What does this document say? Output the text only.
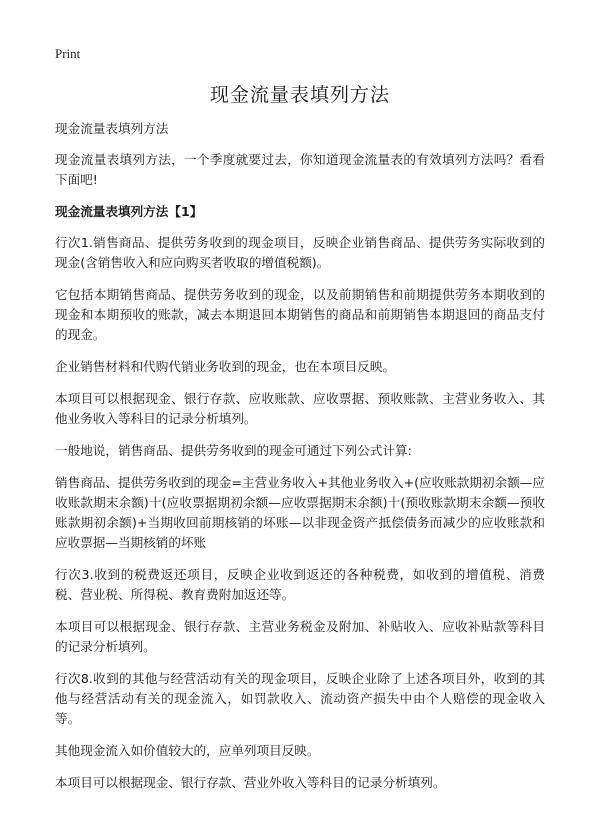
Print
现金流量表填列方法

现金流量表填列方法

现金流量表填列方法，一个季度就要过去，你知道现金流量表的有效填列方法吗？看看下面吧!

现金流量表填列方法【1】

行次1.销售商品、提供劳务收到的现金项目，反映企业销售商品、提供劳务实际收到的现金(含销售收入和应向购买者收取的增值税额)。

它包括本期销售商品、提供劳务收到的现金，以及前期销售和前期提供劳务本期收到的现金和本期预收的账款，减去本期退回本期销售的商品和前期销售本期退回的商品支付的现金。

企业销售材料和代购代销业务收到的现金，也在本项目反映。

本项目可以根据现金、银行存款、应收账款、应收票据、预收账款、主营业务收入、其他业务收入等科目的记录分析填列。

一般地说，销售商品、提供劳务收到的现金可通过下列公式计算:

销售商品、提供劳务收到的现金=主营业务收入+其他业务收入+(应收账款期初余额—应收账款期末余额)十(应收票据期初余额—应收票据期末余额)十(预收账款期末余额—预收账款期初余额)+当期收回前期核销的坏账—以非现金资产抵偿债务而减少的应收账款和应收票据—当期核销的坏账

行次3.收到的税费返还项目，反映企业收到返还的各种税费，如收到的增值税、消费税、营业税、所得税、教育费附加返还等。

本项目可以根据现金、银行存款、主营业务税金及附加、补贴收入、应收补贴款等科目的记录分析填列。

行次8.收到的其他与经营活动有关的现金项目，反映企业除了上述各项目外，收到的其他与经营活动有关的现金流入，如罚款收入、流动资产损失中由个人赔偿的现金收入等。

其他现金流入如价值较大的，应单列项目反映。

本项目可以根据现金、银行存款、营业外收入等科目的记录分析填列。
